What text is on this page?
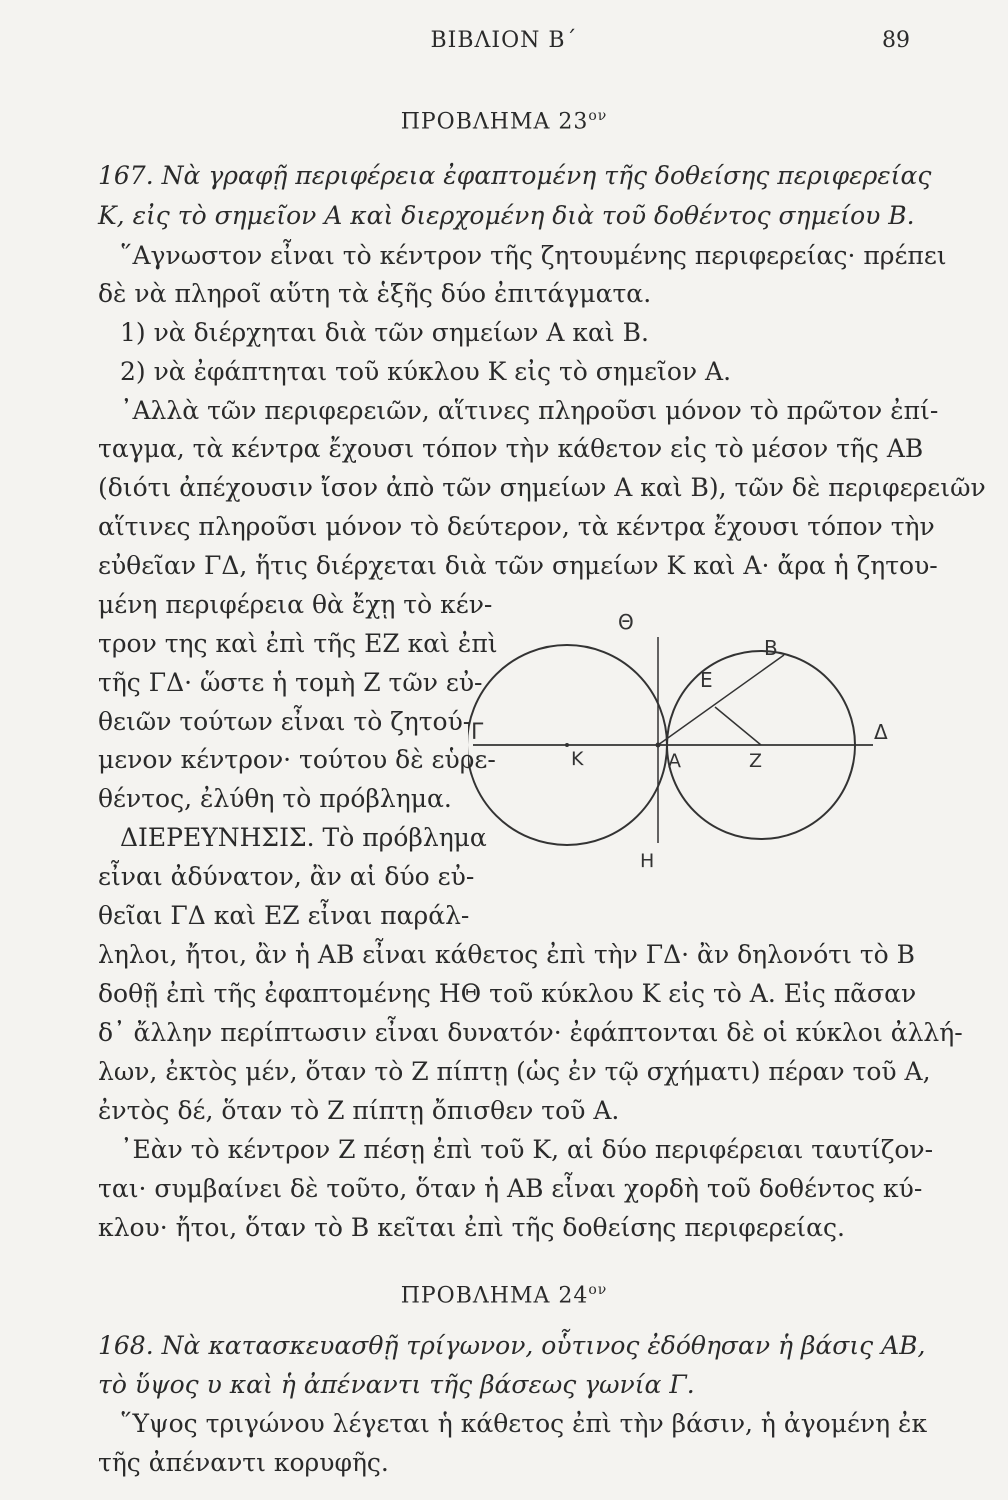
ΒΙΒΛΙΟΝ Β΄	89
ΠΡΟΒΛΗΜΑ $23^{o\nu}$
167. Νὰ γραφῇ περιφέρεια ἐφαπτομένη τῆς δοθείσης περιφερείας
Κ, εἰς τὸ σημεῖον Α καὶ διερχομένη διὰ τοῦ δοθέντος σημείου Β.
῞Αγνωστον εἶναι τὸ κέντρον τῆς ζητουμένης περιφερείας· πρέπει
δὲ νὰ πληροῖ αὕτη τὰ ἑξῆς δύο ἐπιτάγματα.
1) νὰ διέρχηται διὰ τῶν σημείων Α καὶ Β.
2) νὰ ἐφάπτηται τοῦ κύκλου Κ εἰς τὸ σημεῖον Α.
᾿Αλλὰ τῶν περιφερειῶν, αἵτινες πληροῦσι μόνον τὸ πρῶτον ἐπί-
ταγμα, τὰ κέντρα ἔχουσι τόπον τὴν κάθετον εἰς τὸ μέσον τῆς ΑΒ
(διότι ἀπέχουσιν ἴσον ἀπὸ τῶν σημείων Α καὶ Β), τῶν δὲ περιφερειῶν
αἵτινες πληροῦσι μόνον τὸ δεύτερον, τὰ κέντρα ἔχουσι τόπον τὴν
εὐθεῖαν ΓΔ, ἥτις διέρχεται διὰ τῶν σημείων Κ καὶ Α· ἄρα ἡ ζητου-
μένη περιφέρεια θὰ ἔχῃ τὸ κέν-
τρον της καὶ ἐπὶ τῆς ΕΖ καὶ ἐπὶ
τῆς ΓΔ· ὥστε ἡ τομὴ Ζ τῶν εὐ-
θειῶν τούτων εἶναι τὸ ζητού-
μενον κέντρον· τούτου δὲ εὑρε-
θέντος, ἐλύθη τὸ πρόβλημα.
ΔΙΕΡΕΥΝΗΣΙΣ. Τὸ πρόβλημα
εἶναι ἀδύνατον, ἂν αἱ δύο εὐ-
θεῖαι ΓΔ καὶ ΕΖ εἶναι παράλ-
ληλοι, ἤτοι, ἂν ἡ ΑΒ εἶναι κάθετος ἐπὶ τὴν ΓΔ· ἂν δηλονότι τὸ Β
δοθῇ ἐπὶ τῆς ἐφαπτομένης ΗΘ τοῦ κύκλου Κ εἰς τὸ Α. Εἰς πᾶσαν
δ᾿ ἄλλην περίπτωσιν εἶναι δυνατόν· ἐφάπτονται δὲ οἱ κύκλοι ἀλλή-
λων, ἐκτὸς μέν, ὅταν τὸ Ζ πίπτῃ (ὡς ἐν τῷ σχήματι) πέραν τοῦ Α,
ἐντὸς δέ, ὅταν τὸ Ζ πίπτῃ ὄπισθεν τοῦ Α.
᾿Εὰν τὸ κέντρον Ζ πέσῃ ἐπὶ τοῦ Κ, αἱ δύο περιφέρειαι ταυτίζον-
ται· συμβαίνει δὲ τοῦτο, ὅταν ἡ ΑΒ εἶναι χορδὴ τοῦ δοθέντος κύ-
κλου· ἤτοι, ὅταν τὸ Β κεῖται ἐπὶ τῆς δοθείσης περιφερείας.
ΠΡΟΒΛΗΜΑ $24^{o\nu}$
168. Νὰ κατασκευασθῇ τρίγωνον, οὗτινος ἐδόθησαν ἡ βάσις ΑΒ,
τὸ ὕψος υ καὶ ἡ ἀπέναντι τῆς βάσεως γωνία Γ.
῞Υψος τριγώνου λέγεται ἡ κάθετος ἐπὶ τὴν βάσιν, ἡ ἀγομένη ἐκ
τῆς ἀπέναντι κορυφῆς.
Θ
Β
Ε
Γ
Κ	Α	Ζ
Δ
Η
